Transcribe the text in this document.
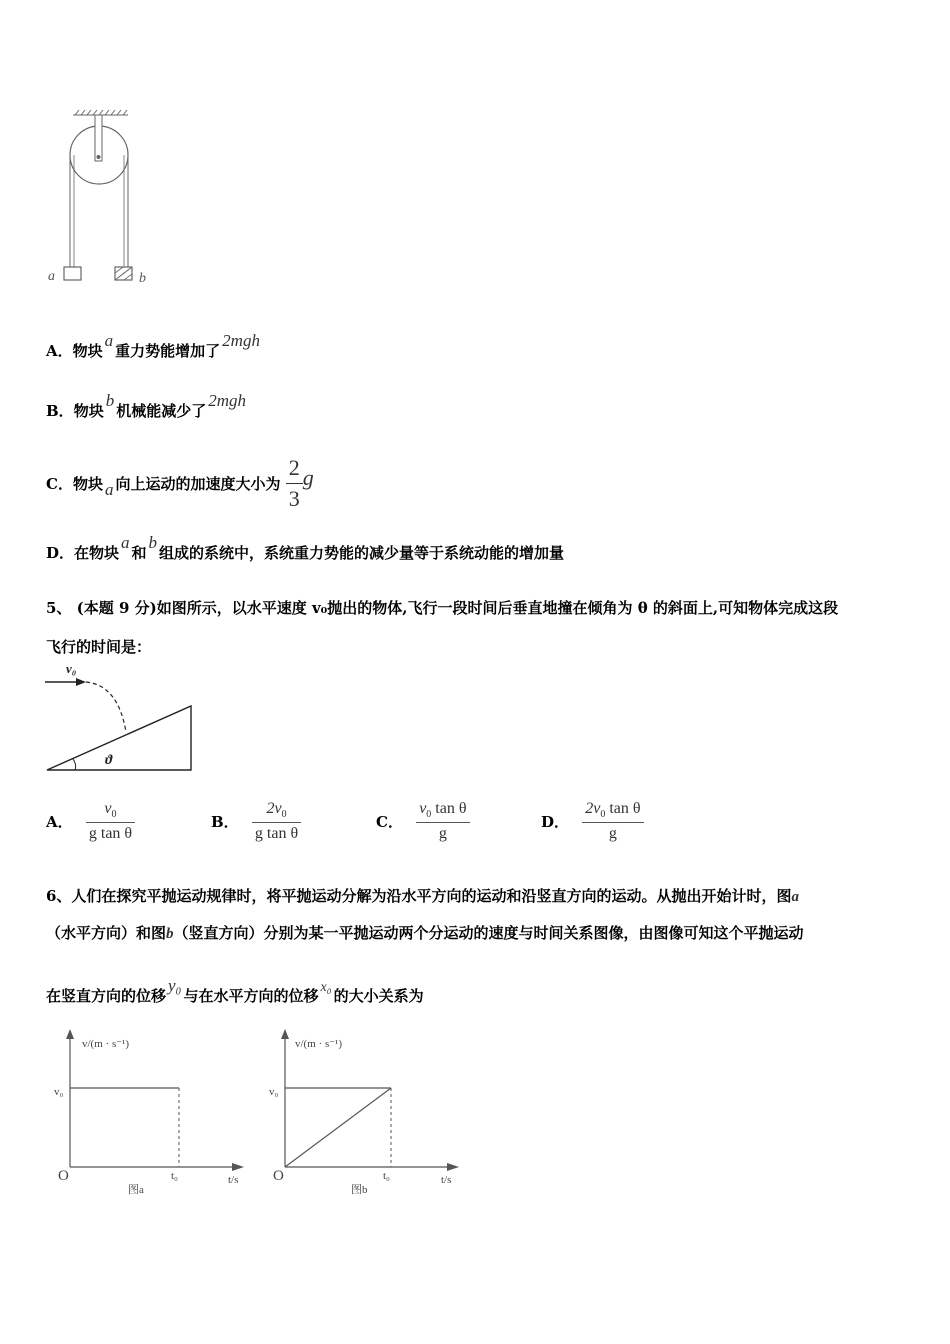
a	b
A．物块a重力势能增加了2mgh
B．物块b机械能减少了2mgh
C．物块 a 向上运动的加速度大小为 $\frac{2}{3}$ g
D．在物块a和b组成的系统中，系统重力势能的减少量等于系统动能的增加量
5、 (本题 9 分)如图所示，以水平速度 v₀抛出的物体,飞行一段时间后垂直地撞在倾角为 θ 的斜面上,可知物体完成这段
飞行的时间是：
v₀
ϑ
A． $\frac{v_0}{\text{g tan θ}}$	B． $\frac{2v_0}{\text{g tan θ}}$	C． $\frac{v_0 \tan \theta}{g}$	D． $\frac{2v_0 \tan \theta}{g}$
6、人们在探究平抛运动规律时，将平抛运动分解为沿水平方向的运动和沿竖直方向的运动。从抛出开始计时，图a
（水平方向）和图b（竖直方向）分别为某一平抛运动两个分运动的速度与时间关系图像，由图像可知这个平抛运动
在竖直方向的位移y₀与在水平方向的位移 x₀ 的大小关系为
v/(m · s⁻¹)
v₀
O	t₀	t/s
图a
v/(m · s⁻¹)
v₀
O	t₀	t/s
图b
